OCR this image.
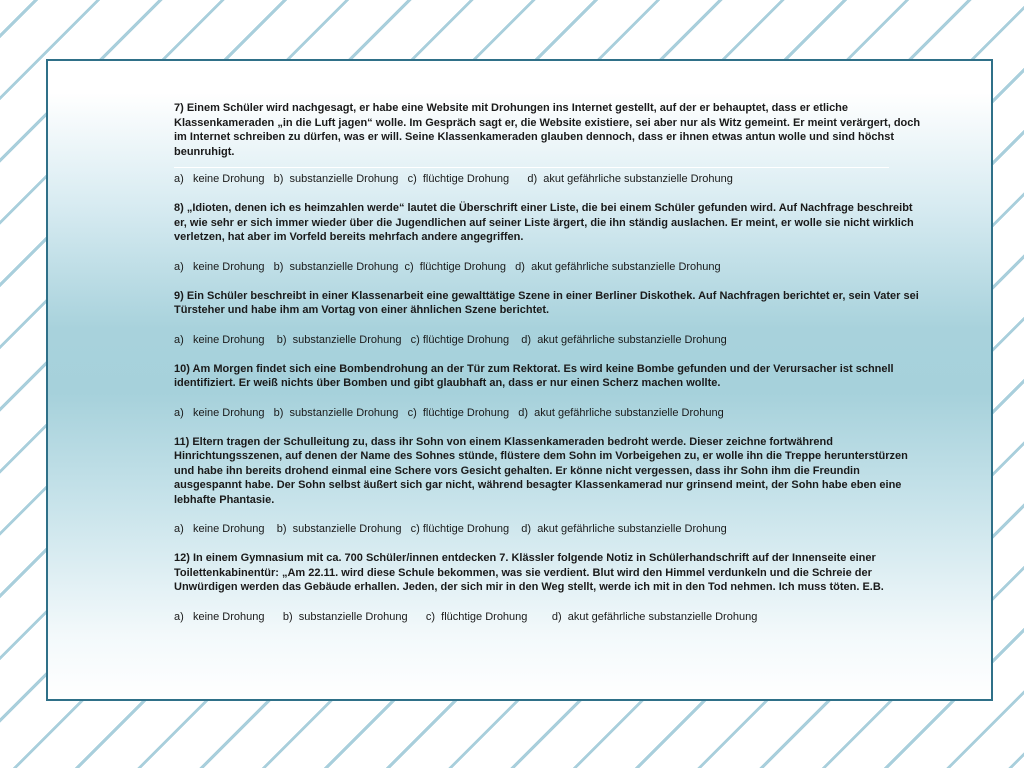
7) Einem Schüler wird nachgesagt, er habe eine Website mit Drohungen ins Internet gestellt, auf der er behauptet, dass er etliche Klassenkameraden „in die Luft jagen“ wolle. Im Gespräch sagt er, die Website existiere, sei aber nur als Witz gemeint. Er meint verärgert, doch im Internet schreiben zu dürfen, was er will. Seine Klassenkameraden glauben dennoch, dass er ihnen etwas antun wolle und sind höchst beunruhigt.

a)   keine Drohung   b)  substanzielle Drohung   c)  flüchtige Drohung      d)  akut gefährliche substanzielle Drohung

8) „Idioten, denen ich es heimzahlen werde“ lautet die Überschrift einer Liste, die bei einem Schüler gefunden wird. Auf Nachfrage beschreibt er, wie sehr er sich immer wieder über die Jugendlichen auf seiner Liste ärgert, die ihn ständig auslachen. Er meint, er wolle sie nicht wirklich verletzen, hat aber im Vorfeld bereits mehrfach andere angegriffen.

a)   keine Drohung   b)  substanzielle Drohung  c)  flüchtige Drohung   d)  akut gefährliche substanzielle Drohung

9) Ein Schüler beschreibt in einer Klassenarbeit eine gewalttätige Szene in einer Berliner Diskothek. Auf Nachfragen berichtet er, sein Vater sei Türsteher und habe ihm am Vortag von einer ähnlichen Szene berichtet.

a)   keine Drohung    b)  substanzielle Drohung   c) flüchtige Drohung    d)  akut gefährliche substanzielle Drohung

10) Am Morgen findet sich eine Bombendrohung an der Tür zum Rektorat. Es wird keine Bombe gefunden und der Verursacher ist schnell identifiziert. Er weiß nichts über Bomben und gibt glaubhaft an, dass er nur einen Scherz machen wollte.

a)   keine Drohung   b)  substanzielle Drohung   c)  flüchtige Drohung   d)  akut gefährliche substanzielle Drohung

11) Eltern tragen der Schulleitung zu, dass ihr Sohn von einem Klassenkameraden bedroht werde. Dieser zeichne fortwährend Hinrichtungsszenen, auf denen der Name des Sohnes stünde, flüstere dem Sohn im Vorbeigehen zu, er wolle ihn die Treppe herunterstürzen und habe ihn bereits drohend einmal eine Schere vors Gesicht gehalten. Er könne nicht vergessen, dass ihr Sohn ihm die Freundin ausgespannt habe. Der Sohn selbst äußert sich gar nicht, während besagter Klassenkamerad nur grinsend meint, der Sohn habe eben eine lebhafte Phantasie.

a)   keine Drohung    b)  substanzielle Drohung   c) flüchtige Drohung    d)  akut gefährliche substanzielle Drohung

12) In einem Gymnasium mit ca. 700 Schüler/innen entdecken 7. Klässler folgende Notiz in Schülerhandschrift auf der Innenseite einer Toilettenkabinentür: „Am 22.11. wird diese Schule bekommen, was sie verdient. Blut wird den Himmel verdunkeln und die Schreie der Unwürdigen werden das Gebäude erhallen. Jeden, der sich mir in den Weg stellt, werde ich mit in den Tod nehmen. Ich muss töten. E.B.

a)   keine Drohung      b)  substanzielle Drohung      c)  flüchtige Drohung        d)  akut gefährliche substanzielle Drohung
